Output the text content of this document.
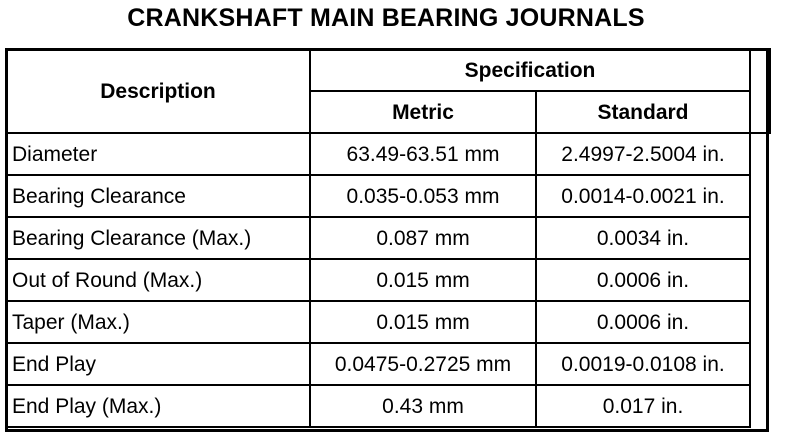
CRANKSHAFT MAIN BEARING JOURNALS
Description	Specification		
	Metric	Standard	
Diameter	63.49-63.51 mm	2.4997-2.5004 in.	
Bearing Clearance	0.035-0.053 mm	0.0014-0.0021 in.	
Bearing Clearance (Max.)	0.087 mm	0.0034 in.	
Out of Round (Max.)	0.015 mm	0.0006 in.	
Taper (Max.)	0.015 mm	0.0006 in.	
End Play	0.0475-0.2725 mm	0.0019-0.0108 in.	
End Play (Max.)	0.43 mm	0.017 in.	
